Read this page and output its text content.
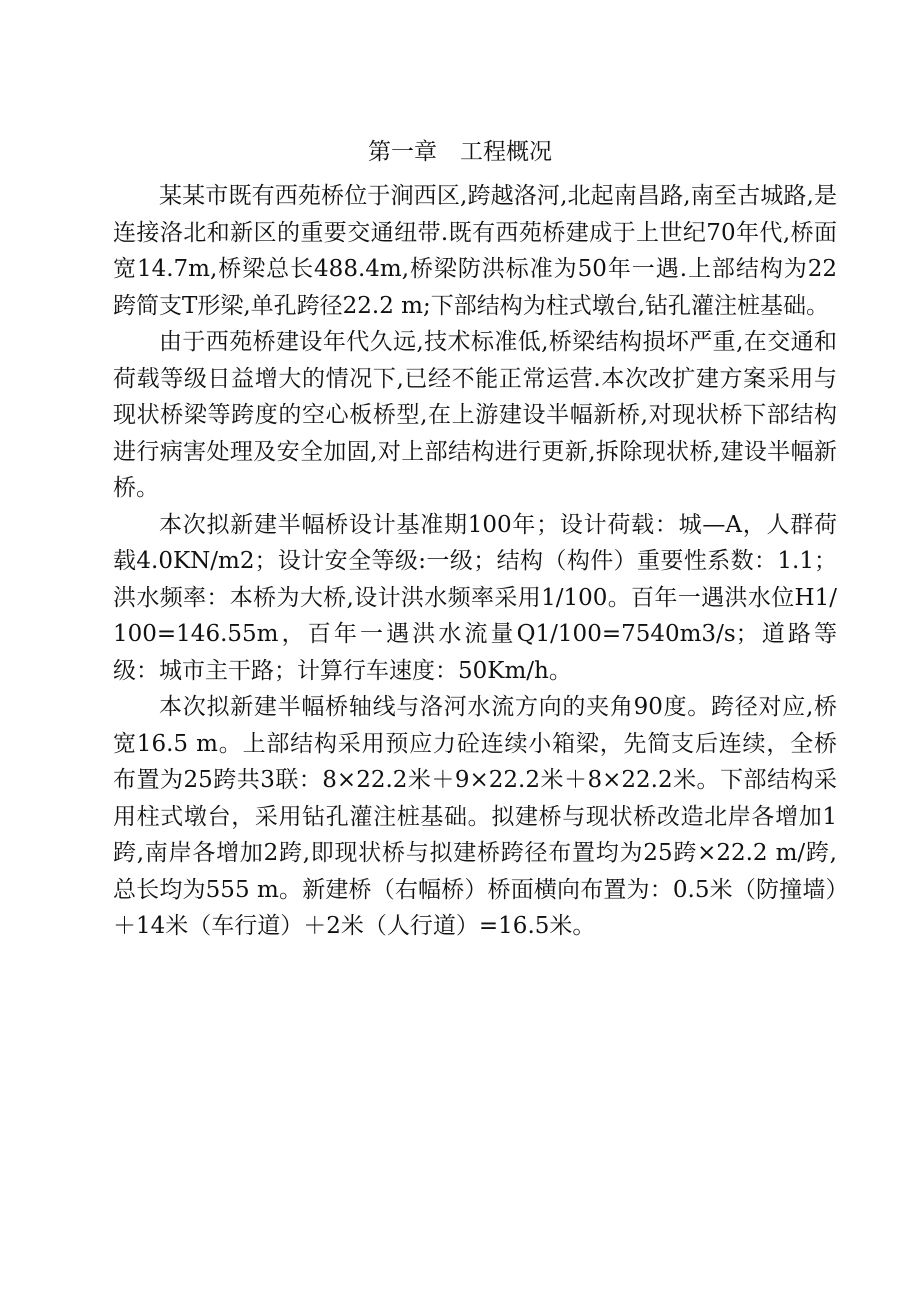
第一章　工程概况

某某市既有西苑桥位于涧西区,跨越洛河,北起南昌路,南至古城路,是连接洛北和新区的重要交通纽带.既有西苑桥建成于上世纪70年代,桥面宽14.7m,桥梁总长488.4m,桥梁防洪标准为50年一遇.上部结构为22跨简支T形梁,单孔跨径22.2 m;下部结构为柱式墩台,钻孔灌注桩基础。

由于西苑桥建设年代久远,技术标准低,桥梁结构损坏严重,在交通和荷载等级日益增大的情况下,已经不能正常运营.本次改扩建方案采用与现状桥梁等跨度的空心板桥型,在上游建设半幅新桥,对现状桥下部结构进行病害处理及安全加固,对上部结构进行更新,拆除现状桥,建设半幅新桥。

本次拟新建半幅桥设计基准期100年；设计荷载：城—A，人群荷载4.0KN/m2；设计安全等级:一级；结构（构件）重要性系数：1.1；洪水频率：本桥为大桥,设计洪水频率采用1/100。百年一遇洪水位H1/100=146.55m，百年一遇洪水流量Q1/100=7540m3/s；道路等级：城市主干路；计算行车速度：50Km/h。

本次拟新建半幅桥轴线与洛河水流方向的夹角90度。跨径对应,桥宽16.5 m。上部结构采用预应力砼连续小箱梁，先简支后连续，全桥布置为25跨共3联：8×22.2米＋9×22.2米＋8×22.2米。下部结构采用柱式墩台，采用钻孔灌注桩基础。拟建桥与现状桥改造北岸各增加1跨,南岸各增加2跨,即现状桥与拟建桥跨径布置均为25跨×22.2 m/跨,总长均为555 m。新建桥（右幅桥）桥面横向布置为：0.5米（防撞墙）＋14米（车行道）＋2米（人行道）=16.5米。
